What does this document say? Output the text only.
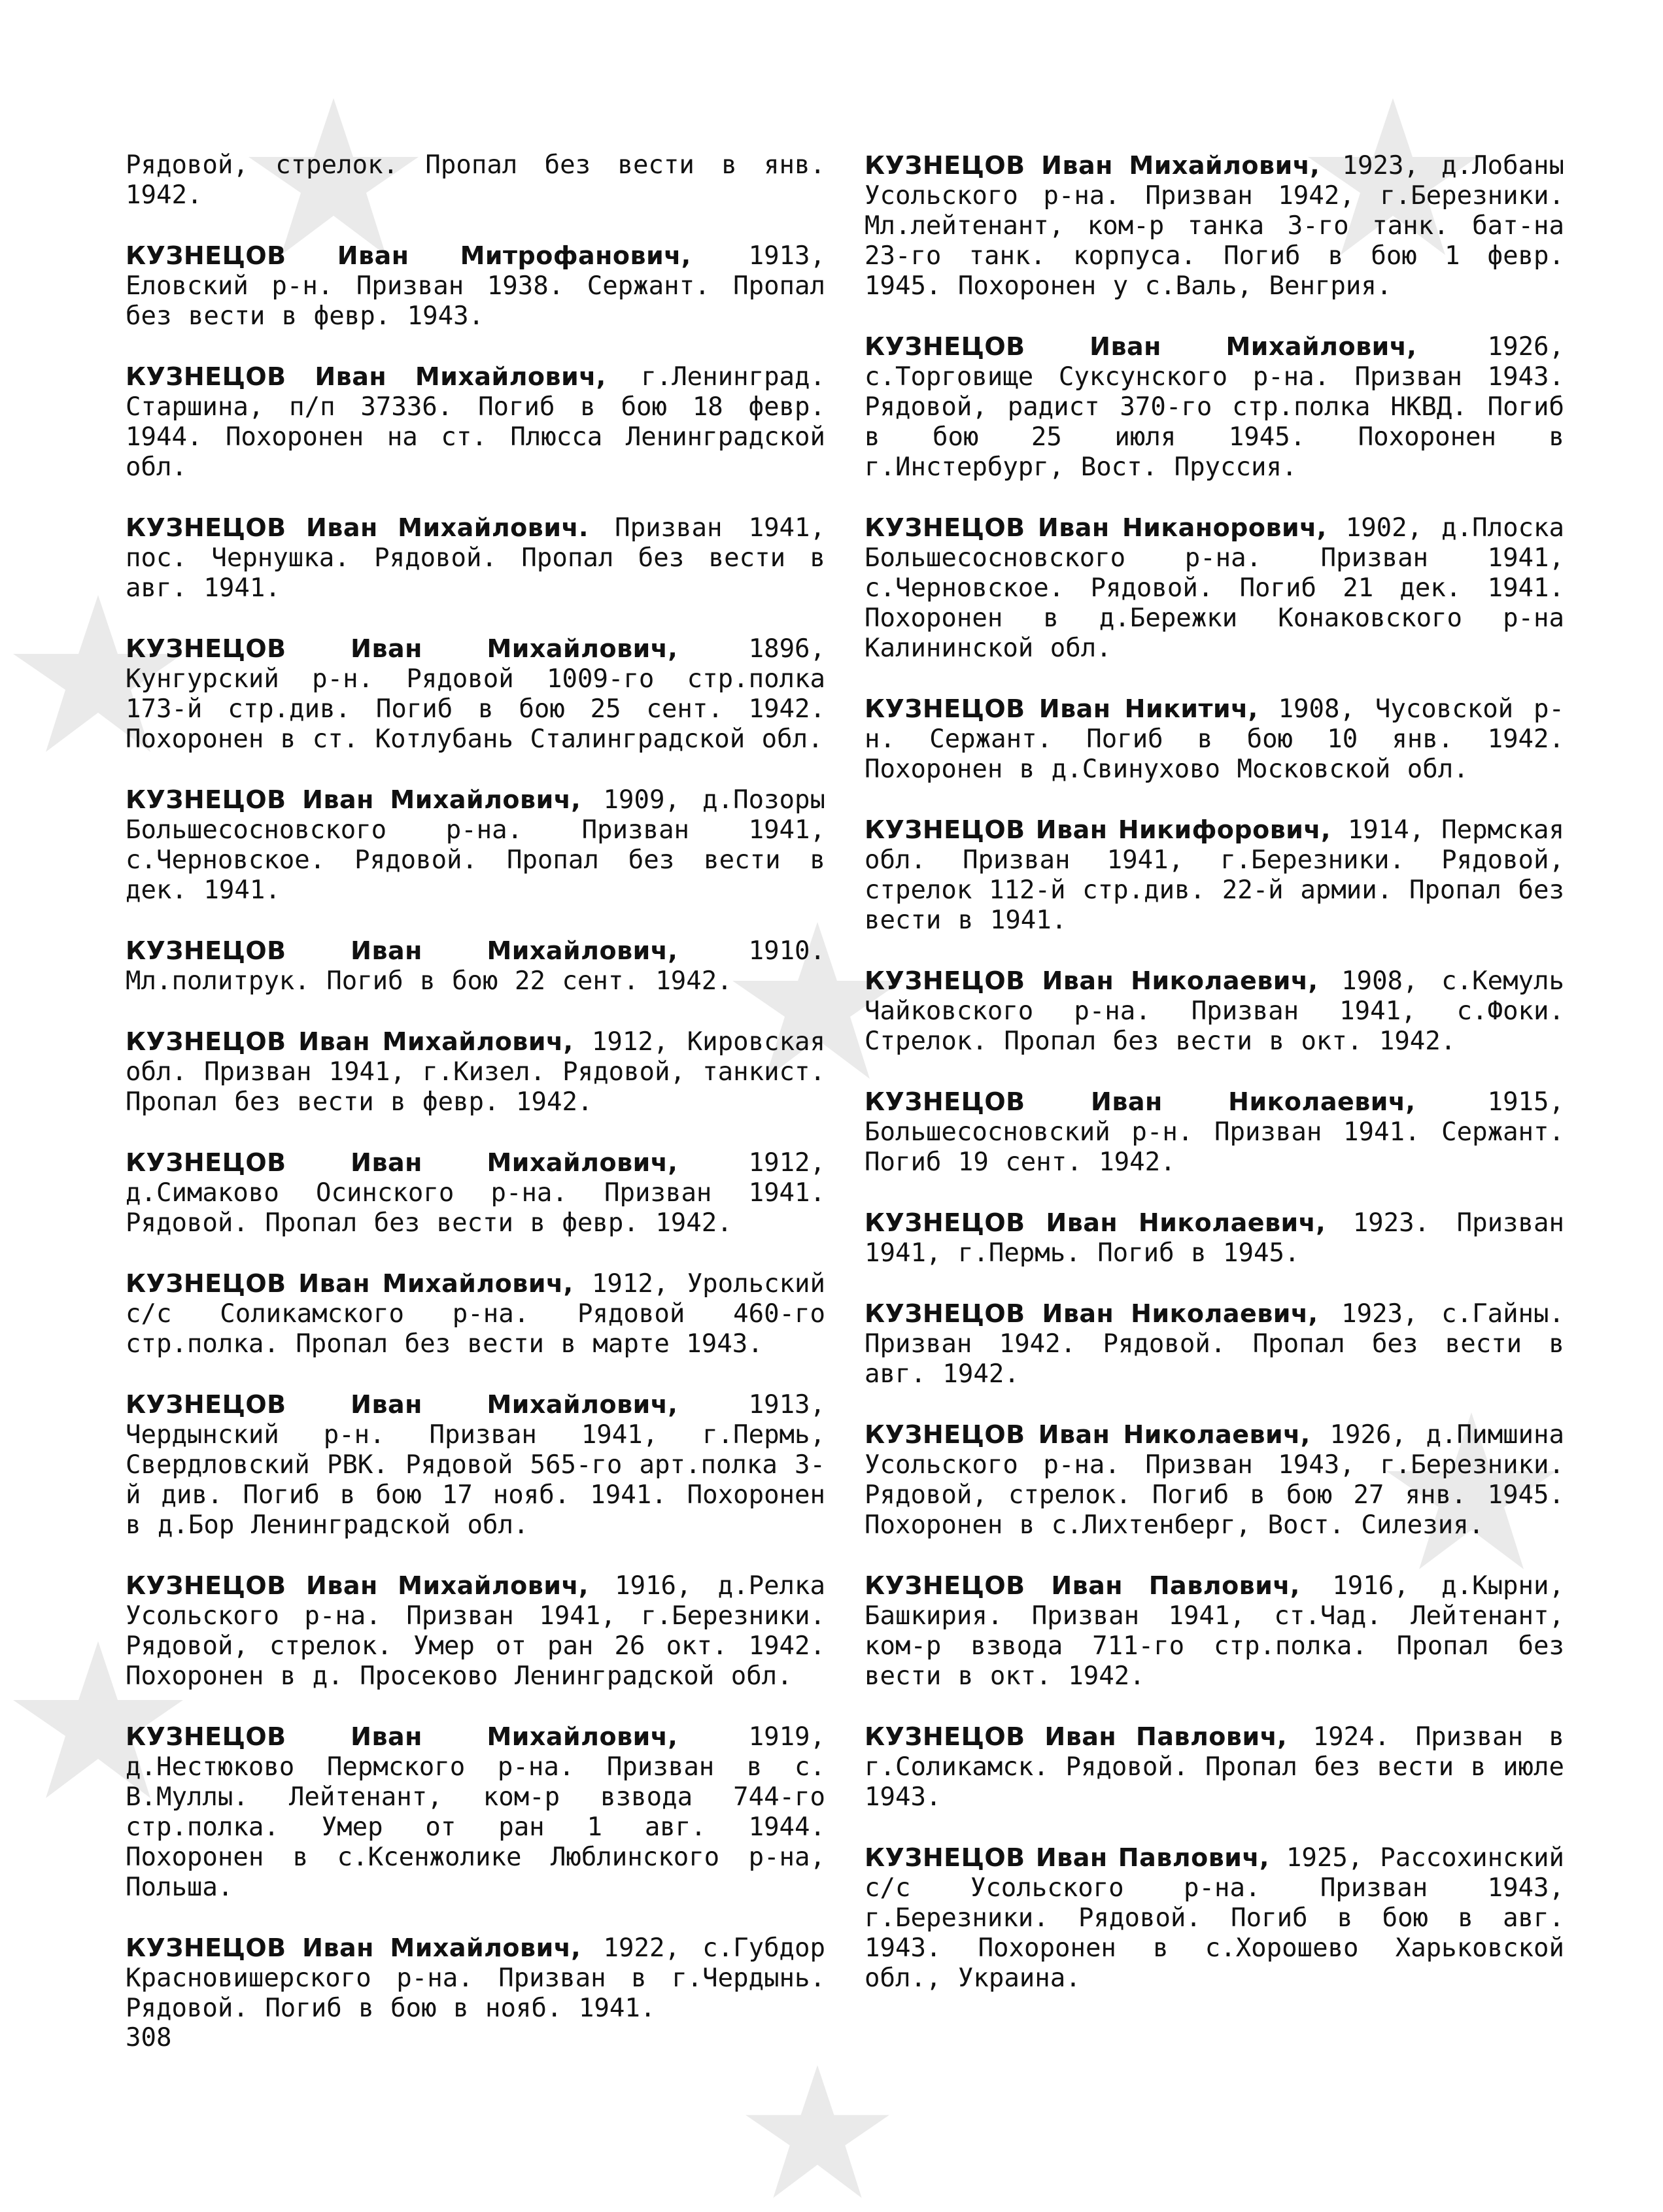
Рядовой, стрелок. Пропал без вести в янв. 1942.

КУЗНЕЦОВ Иван Митрофанович, 1913, Еловский р-н. Призван 1938. Сержант. Пропал без вести в февр. 1943.

КУЗНЕЦОВ Иван Михайлович, г.Ленинград. Старшина, п/п 37336. Погиб в бою 18 февр. 1944. Похоронен на ст. Плюсса Ленинградской обл.

КУЗНЕЦОВ Иван Михайлович. Призван 1941, пос. Чернушка. Рядовой. Пропал без вести в авг. 1941.

КУЗНЕЦОВ Иван Михайлович,	1896, Кунгурский р-н. Рядовой 1009-го стр.полка 173-й стр.див. Погиб в бою 25 сент. 1942. Похоронен в ст. Котлубань Сталинградской обл.

КУЗНЕЦОВ Иван Михайлович, 1909, д.Позоры Большесосновского р-на. Призван 1941, с.Черновское. Рядовой. Пропал без вести в дек. 1941.

КУЗНЕЦОВ Иван Михайлович,	1910. Мл.политрук. Погиб в бою 22 сент. 1942.

КУЗНЕЦОВ Иван Михайлович, 1912, Кировская обл. Призван 1941, г.Кизел. Рядовой, танкист. Пропал без вести в февр. 1942.

КУЗНЕЦОВ Иван Михайлович,	1912, д.Симаково Осинского р-на. Призван 1941. Рядовой. Пропал без вести в февр. 1942.

КУЗНЕЦОВ Иван Михайлович, 1912, Урольский с/с Соликамского р-на. Рядовой 460-го стр.полка. Пропал без вести в марте 1943.

КУЗНЕЦОВ Иван Михайлович,	1913, Чердынский р-н. Призван 1941, г.Пермь, Свердловский РВК. Рядовой 565-го арт.полка 3-й див. Погиб в бою 17 нояб. 1941. Похоронен в д.Бор Ленинградской обл.

КУЗНЕЦОВ Иван Михайлович, 1916, д.Релка Усольского р-на. Призван 1941, г.Березники. Рядовой, стрелок. Умер от ран 26 окт. 1942. Похоронен в д. Просеково Ленинградской обл.

КУЗНЕЦОВ Иван Михайлович,	1919, д.Нестюково Пермского р-на. Призван в с. В.Муллы. Лейтенант, ком-р взвода 744-го стр.полка. Умер от ран 1 авг. 1944. Похоронен в с.Ксенжолике Люблинского р-на, Польша.

КУЗНЕЦОВ Иван Михайлович, 1922, с.Губдор Красновишерского р-на. Призван в г.Чердынь. Рядовой. Погиб в бою в нояб. 1941.

КУЗНЕЦОВ Иван Михайлович, 1923, д.Лобаны Усольского р-на. Призван 1942, г.Березники. Мл.лейтенант, ком-р танка 3-го танк. бат-на 23-го танк. корпуса. Погиб в бою 1 февр. 1945. Похоронен у с.Валь, Венгрия.

КУЗНЕЦОВ Иван Михайлович,	1926, с.Торговище Суксунского р-на. Призван 1943. Рядовой, радист 370-го стр.полка НКВД. Погиб в бою 25 июля 1945. Похоронен в г.Инстербург, Вост. Пруссия.

КУЗНЕЦОВ Иван Никанорович, 1902, д.Плоска Большесосновского р-на. Призван 1941, с.Черновское. Рядовой. Погиб 21 дек. 1941. Похоронен в д.Бережки Конаковского р-на Калининской обл.

КУЗНЕЦОВ Иван Никитич, 1908, Чусовской р-н. Сержант. Погиб в бою 10 янв. 1942. Похоронен в д.Свинухово Московской обл.

КУЗНЕЦОВ Иван Никифорович, 1914, Пермская обл. Призван 1941, г.Березники. Рядовой, стрелок 112-й стр.див. 22-й армии. Пропал без вести в 1941.

КУЗНЕЦОВ Иван Николаевич, 1908, с.Кемуль Чайковского р-на. Призван 1941, с.Фоки. Стрелок. Пропал без вести в окт. 1942.

КУЗНЕЦОВ Иван Николаевич,	1915, Большесосновский р-н. Призван 1941. Сержант. Погиб 19 сент. 1942.

КУЗНЕЦОВ Иван Николаевич, 1923. Призван 1941, г.Пермь. Погиб в 1945.

КУЗНЕЦОВ Иван Николаевич, 1923, с.Гайны. Призван 1942. Рядовой. Пропал без вести в авг. 1942.

КУЗНЕЦОВ Иван Николаевич, 1926, д.Пимшина Усольского р-на. Призван 1943, г.Березники. Рядовой, стрелок. Погиб в бою 27 янв. 1945. Похоронен в с.Лихтенберг, Вост. Силезия.

КУЗНЕЦОВ Иван Павлович, 1916, д.Кырни, Башкирия. Призван 1941, ст.Чад. Лейтенант, ком-р взвода 711-го стр.полка. Пропал без вести в окт. 1942.

КУЗНЕЦОВ Иван Павлович, 1924. Призван в г.Соликамск. Рядовой. Пропал без вести в июле 1943.

КУЗНЕЦОВ Иван Павлович, 1925, Рассохинский с/с Усольского р-на. Призван 1943, г.Березники. Рядовой. Погиб в бою в авг. 1943. Похоронен в с.Хорошево Харьковской обл., Украина.

308
